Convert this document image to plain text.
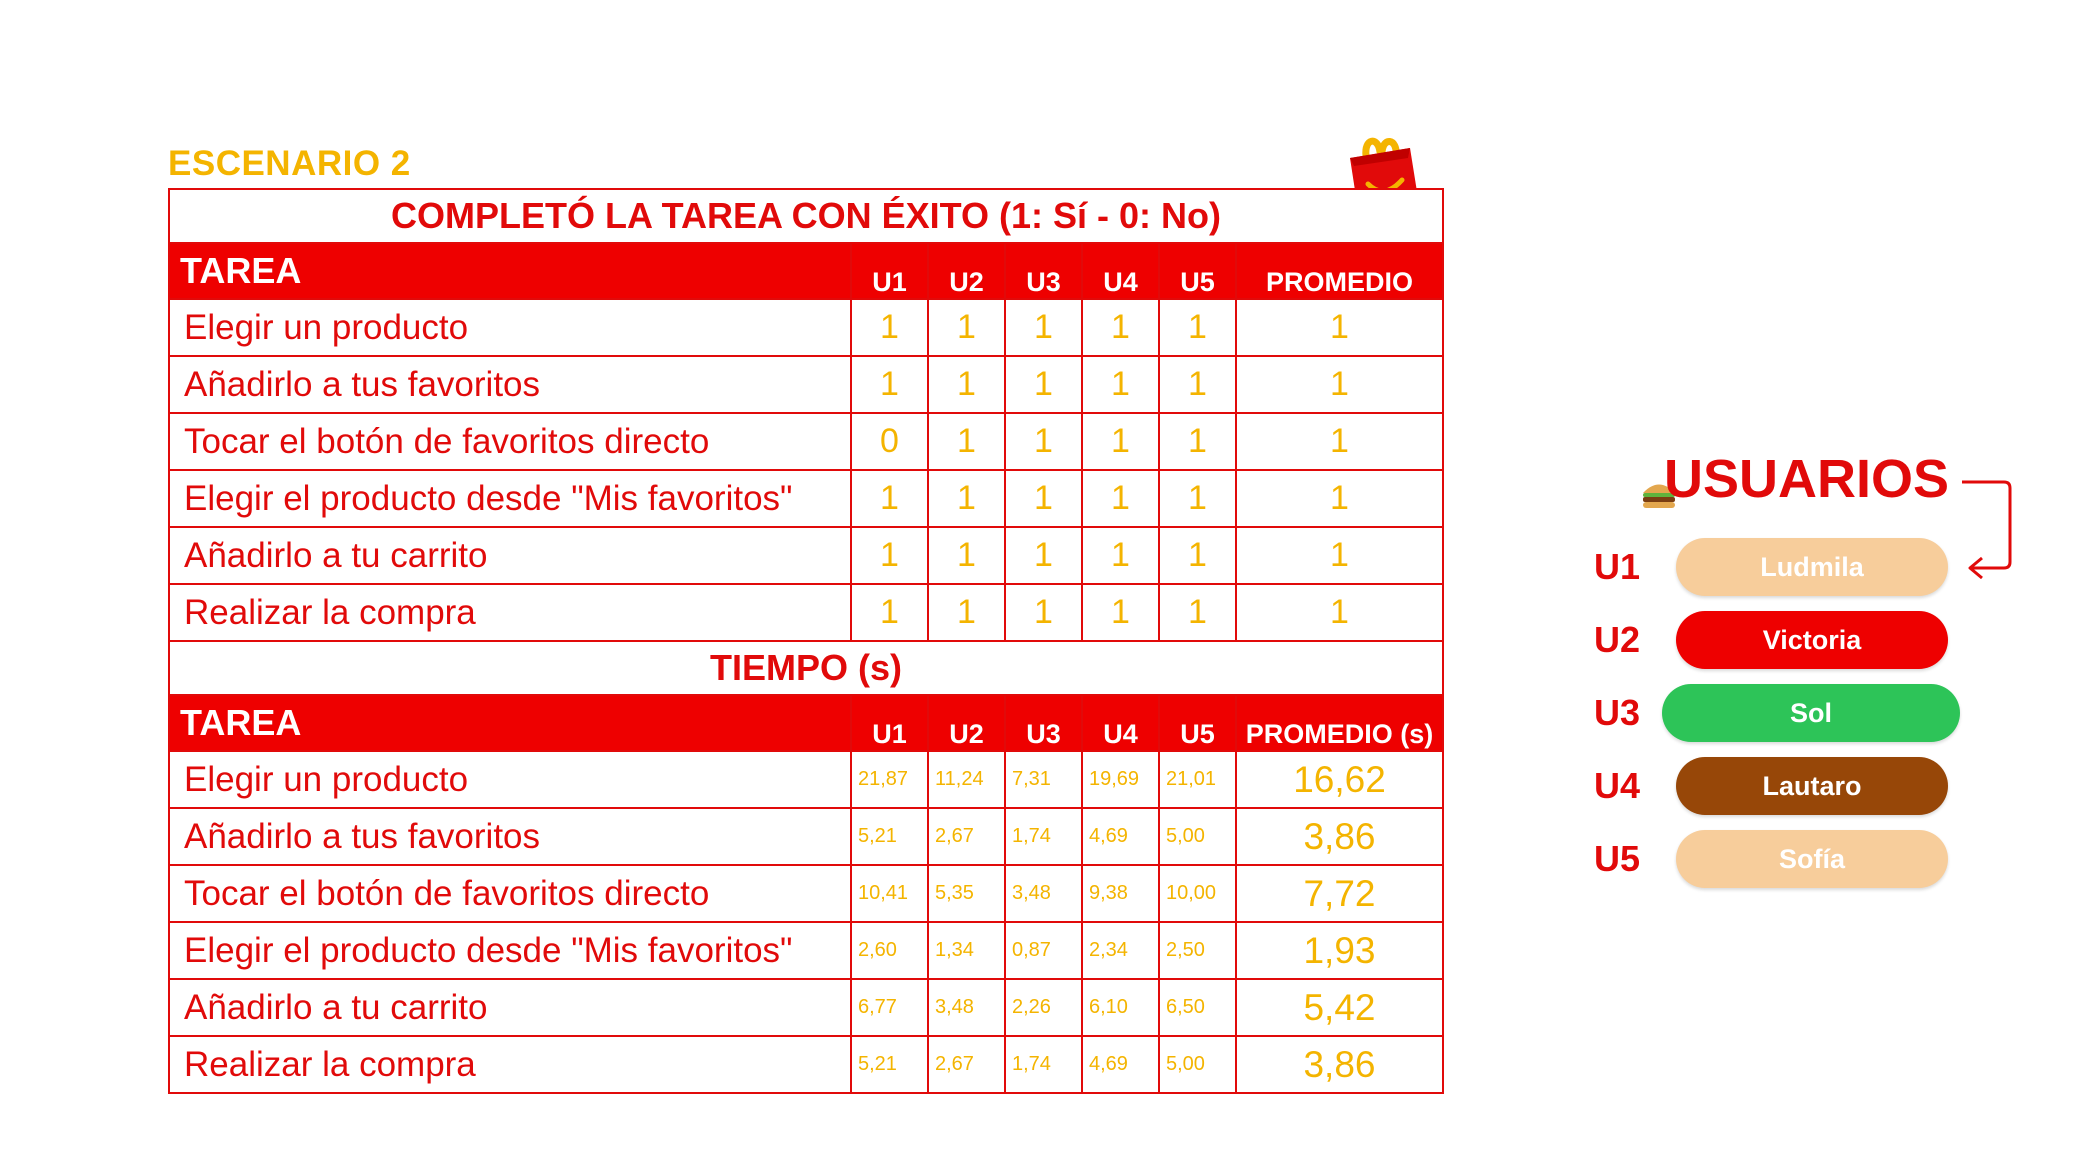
ESCENARIO 2
COMPLETÓ LA TAREA CON ÉXITO (1: Sí - 0: No)						
TAREA	U1	U2	U3	U4	U5	PROMEDIO
Elegir un producto	1	1	1	1	1	1
Añadirlo a tus favoritos	1	1	1	1	1	1
Tocar el botón de favoritos directo	0	1	1	1	1	1
Elegir el producto desde "Mis favoritos"	1	1	1	1	1	1
Añadirlo a tu carrito	1	1	1	1	1	1
Realizar la compra	1	1	1	1	1	1
TIEMPO (s)						
TAREA	U1	U2	U3	U4	U5	PROMEDIO (s)
Elegir un producto	21,87	11,24	7,31	19,69	21,01	16,62
Añadirlo a tus favoritos	5,21	2,67	1,74	4,69	5,00	3,86
Tocar el botón de favoritos directo	10,41	5,35	3,48	9,38	10,00	7,72
Elegir el producto desde "Mis favoritos"	2,60	1,34	0,87	2,34	2,50	1,93
Añadirlo a tu carrito	6,77	3,48	2,26	6,10	6,50	5,42
Realizar la compra	5,21	2,67	1,74	4,69	5,00	3,86
USUARIOS
U1	Ludmila
U2	Victoria
U3	Sol
U4	Lautaro
U5	Sofía
